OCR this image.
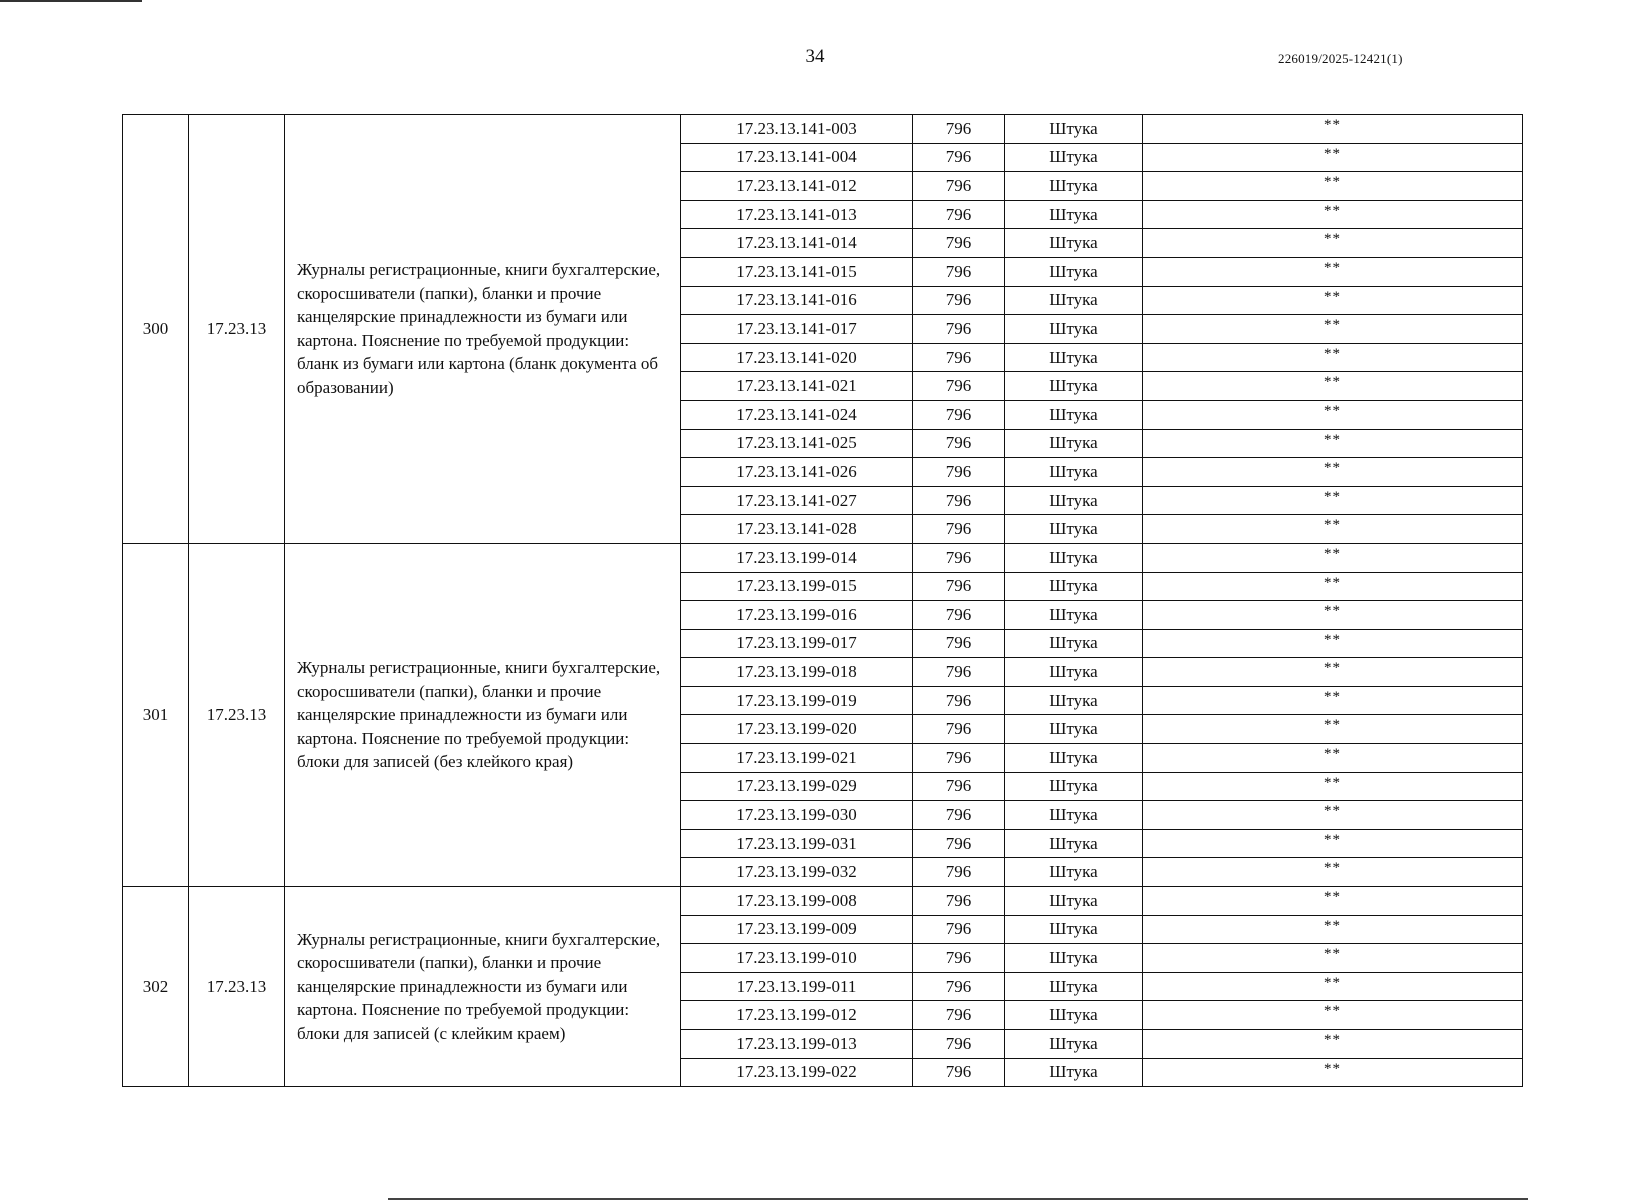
34	226019/2025-12421(1)
300	17.23.13	Журналы регистрационные, книги бухгалтерские, скоросшиватели (папки), бланки и прочие канцелярские принадлежности из бумаги или картона. Пояснение по требуемой продукции: бланк из бумаги или картона (бланк документа об образовании)	17.23.13.141-003	796	Штука	**
			17.23.13.141-004	796	Штука	**
			17.23.13.141-012	796	Штука	**
			17.23.13.141-013	796	Штука	**
			17.23.13.141-014	796	Штука	**
			17.23.13.141-015	796	Штука	**
			17.23.13.141-016	796	Штука	**
			17.23.13.141-017	796	Штука	**
			17.23.13.141-020	796	Штука	**
			17.23.13.141-021	796	Штука	**
			17.23.13.141-024	796	Штука	**
			17.23.13.141-025	796	Штука	**
			17.23.13.141-026	796	Штука	**
			17.23.13.141-027	796	Штука	**
			17.23.13.141-028	796	Штука	**
301	17.23.13	Журналы регистрационные, книги бухгалтерские, скоросшиватели (папки), бланки и прочие канцелярские принадлежности из бумаги или картона. Пояснение по требуемой продукции: блоки для записей (без клейкого края)	17.23.13.199-014	796	Штука	**
			17.23.13.199-015	796	Штука	**
			17.23.13.199-016	796	Штука	**
			17.23.13.199-017	796	Штука	**
			17.23.13.199-018	796	Штука	**
			17.23.13.199-019	796	Штука	**
			17.23.13.199-020	796	Штука	**
			17.23.13.199-021	796	Штука	**
			17.23.13.199-029	796	Штука	**
			17.23.13.199-030	796	Штука	**
			17.23.13.199-031	796	Штука	**
			17.23.13.199-032	796	Штука	**
302	17.23.13	Журналы регистрационные, книги бухгалтерские, скоросшиватели (папки), бланки и прочие канцелярские принадлежности из бумаги или картона. Пояснение по требуемой продукции: блоки для записей (с клейким краем)	17.23.13.199-008	796	Штука	**
			17.23.13.199-009	796	Штука	**
			17.23.13.199-010	796	Штука	**
			17.23.13.199-011	796	Штука	**
			17.23.13.199-012	796	Штука	**
			17.23.13.199-013	796	Штука	**
			17.23.13.199-022	796	Штука	**
